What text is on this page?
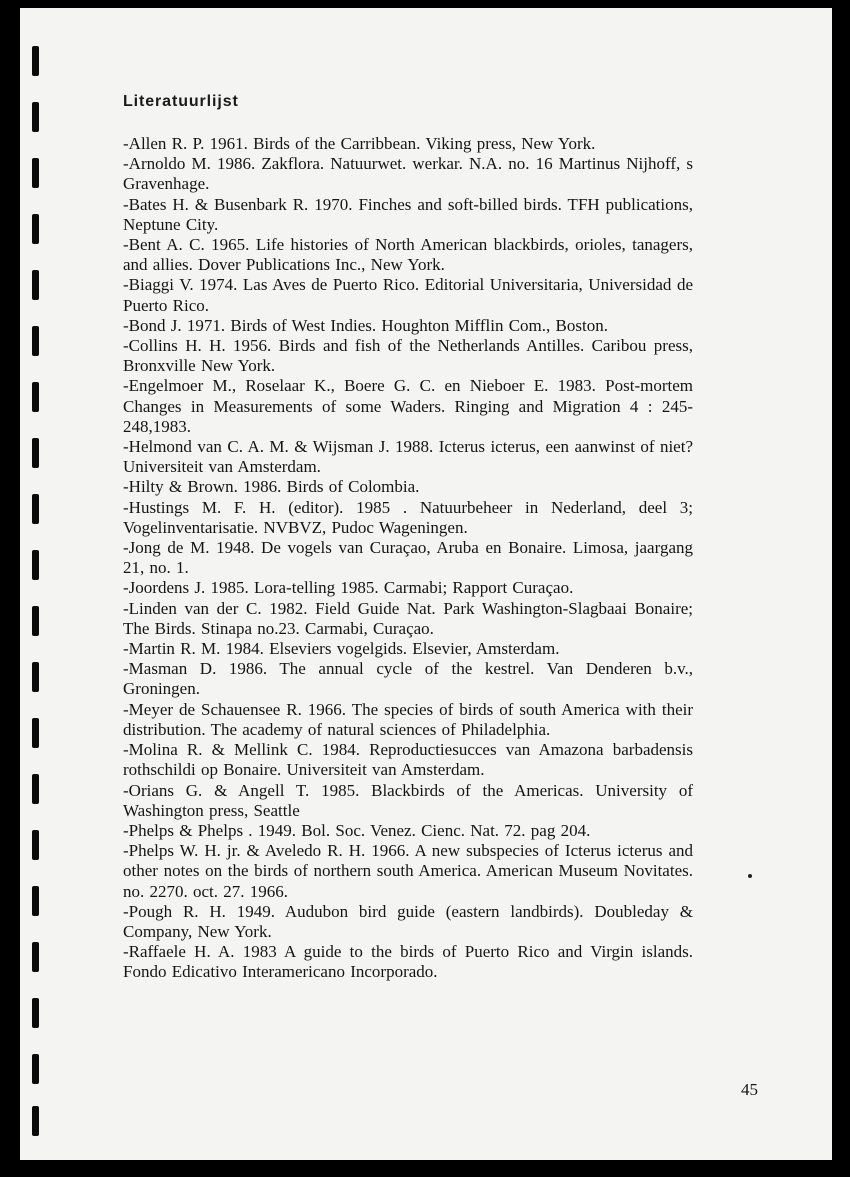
Literatuurlijst
-Allen R. P. 1961. Birds of the Carribbean. Viking press, New York.
-Arnoldo M. 1986. Zakflora. Natuurwet. werkar. N.A. no. 16 Martinus Nijhoff, s Gravenhage.
-Bates H. & Busenbark R. 1970. Finches and soft-billed birds. TFH publications, Neptune City.
-Bent A. C. 1965. Life histories of North American blackbirds, orioles, tanagers, and allies. Dover Publications Inc., New York.
-Biaggi V. 1974. Las Aves de Puerto Rico. Editorial Universitaria, Universidad de Puerto Rico.
-Bond J. 1971. Birds of West Indies. Houghton Mifflin Com., Boston.
-Collins H. H. 1956. Birds and fish of the Netherlands Antilles. Caribou press, Bronxville New York.
-Engelmoer M., Roselaar K., Boere G. C. en Nieboer E. 1983. Post-mortem Changes in Measurements of some Waders. Ringing and Migration 4 : 245-248,1983.
-Helmond van C. A. M. & Wijsman J. 1988. Icterus icterus, een aanwinst of niet? Universiteit van Amsterdam.
-Hilty & Brown. 1986. Birds of Colombia.
-Hustings M. F. H. (editor). 1985 . Natuurbeheer in Nederland, deel 3; Vogelinventarisatie. NVBVZ, Pudoc Wageningen.
-Jong de M. 1948. De vogels van Curaçao, Aruba en Bonaire. Limosa, jaargang 21, no. 1.
-Joordens J. 1985. Lora-telling 1985. Carmabi; Rapport Curaçao.
-Linden van der C. 1982. Field Guide Nat. Park Washington-Slagbaai Bonaire; The Birds. Stinapa no.23. Carmabi, Curaçao.
-Martin R. M. 1984. Elseviers vogelgids. Elsevier, Amsterdam.
-Masman D. 1986. The annual cycle of the kestrel. Van Denderen b.v., Groningen.
-Meyer de Schauensee R. 1966. The species of birds of south America with their distribution. The academy of natural sciences of Philadelphia.
-Molina R. & Mellink C. 1984. Reproductiesucces van Amazona barbadensis rothschildi op Bonaire. Universiteit van Amsterdam.
-Orians G. & Angell T. 1985. Blackbirds of the Americas. University of Washington press, Seattle
-Phelps & Phelps . 1949. Bol. Soc. Venez. Cienc. Nat. 72. pag 204.
-Phelps W. H. jr. & Aveledo R. H. 1966. A new subspecies of Icterus icterus and other notes on the birds of northern south America. American Museum Novitates. no. 2270. oct. 27. 1966.
-Pough R. H. 1949. Audubon bird guide (eastern landbirds). Doubleday & Company, New York.
-Raffaele H. A. 1983 A guide to the birds of Puerto Rico and Virgin islands. Fondo Edicativo Interamericano Incorporado.
45
